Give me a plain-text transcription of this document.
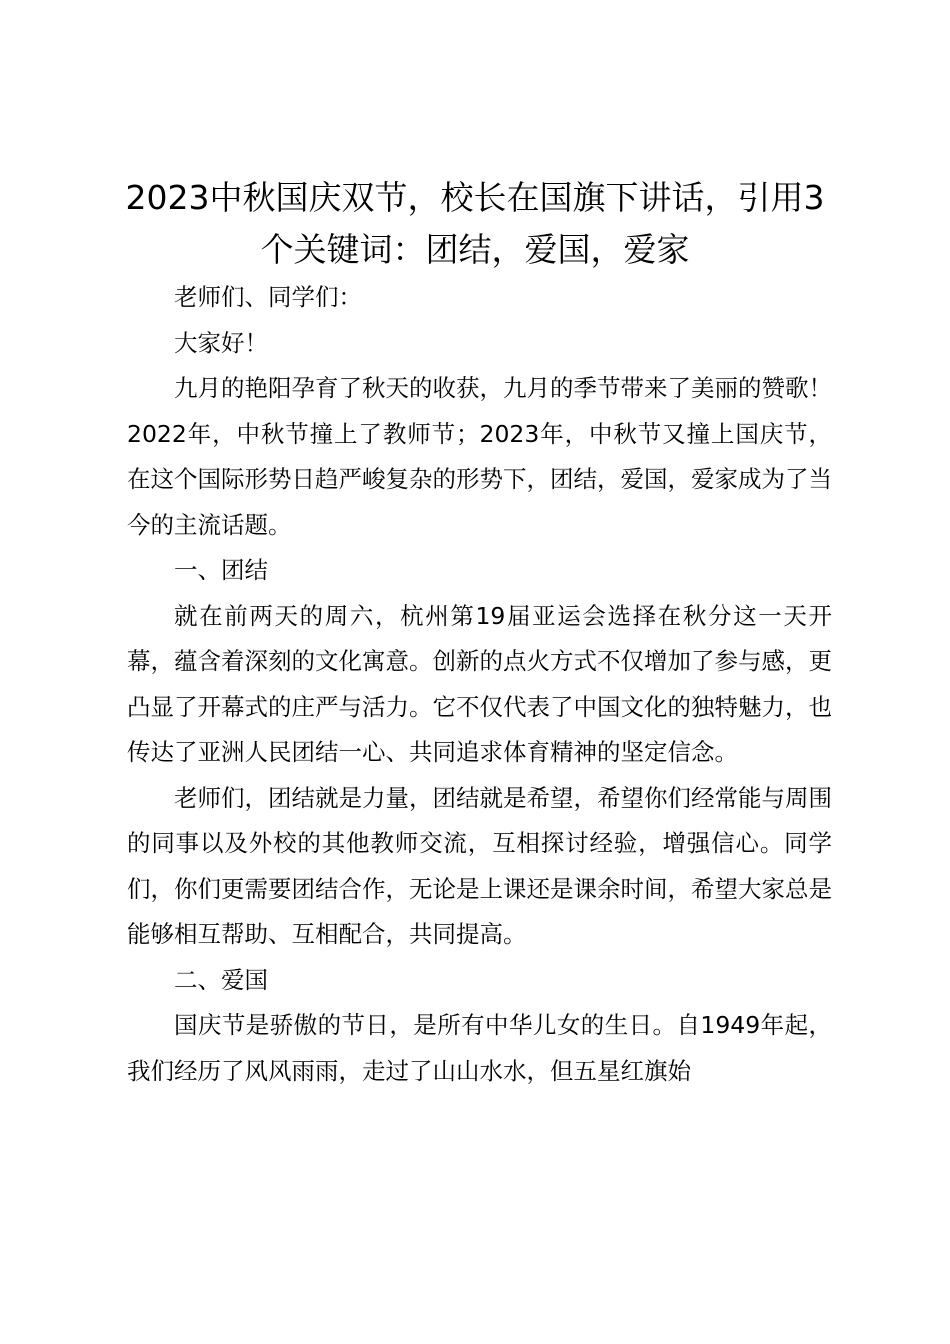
2023中秋国庆双节，校长在国旗下讲话，引用3个关键词：团结，爱国，爱家

老师们、同学们：

大家好！

九月的艳阳孕育了秋天的收获，九月的季节带来了美丽的赞歌！2022年，中秋节撞上了教师节；2023年，中秋节又撞上国庆节，在这个国际形势日趋严峻复杂的形势下，团结，爱国，爱家成为了当今的主流话题。

一、团结

就在前两天的周六，杭州第19届亚运会选择在秋分这一天开幕，蕴含着深刻的文化寓意。创新的点火方式不仅增加了参与感，更凸显了开幕式的庄严与活力。它不仅代表了中国文化的独特魅力，也传达了亚洲人民团结一心、共同追求体育精神的坚定信念。

老师们，团结就是力量，团结就是希望，希望你们经常能与周围的同事以及外校的其他教师交流，互相探讨经验，增强信心。同学们，你们更需要团结合作，无论是上课还是课余时间，希望大家总是能够相互帮助、互相配合，共同提高。

二、爱国

国庆节是骄傲的节日，是所有中华儿女的生日。自1949年起，我们经历了风风雨雨，走过了山山水水，但五星红旗始
